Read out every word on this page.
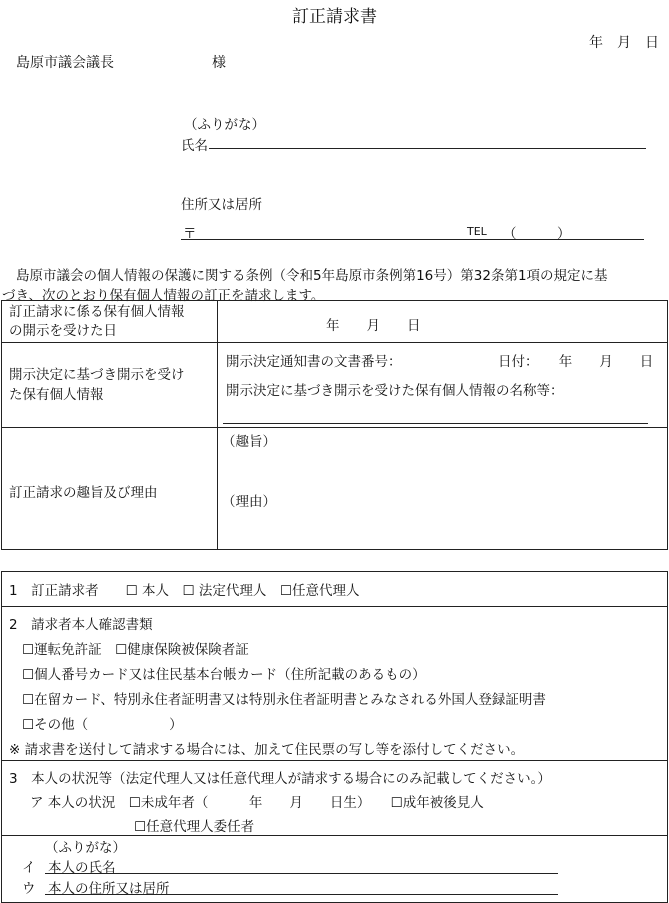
訂正請求書
年　月　日
島原市議会議長	様
（ふりがな）
氏名
住所又は居所
〒	TEL （　　　）
島原市議会の個人情報の保護に関する条例（令和5年島原市条例第16号）第32条第1項の規定に基
づき、次のとおり保有個人情報の訂正を請求します。
訂正請求に係る保有個人情報
の開示を受けた日	年　　月　　日
開示決定に基づき開示を受け
た保有個人情報
開示決定通知書の文書番号：	日付：　　年　　月　　日
開示決定に基づき開示を受けた保有個人情報の名称等：
訂正請求の趣旨及び理由
（趣旨）
（理由）
1　訂正請求者　　☐ 本人　☐ 法定代理人　☐任意代理人
2　請求者本人確認書類
☐運転免許証　☐健康保険被保険者証
☐個人番号カード又は住民基本台帳カード（住所記載のあるもの）
☐在留カード、特別永住者証明書又は特別永住者証明書とみなされる外国人登録証明書
☐その他（　　　　　　）
※ 請求書を送付して請求する場合には、加えて住民票の写し等を添付してください。
3　本人の状況等（法定代理人又は任意代理人が請求する場合にのみ記載してください。）
ア 本人の状況　☐未成年者（　　　年　　月　　日生）　　☐成年被後見人
☐任意代理人委任者
（ふりがな）
イ 本人の氏名
ウ 本人の住所又は居所
